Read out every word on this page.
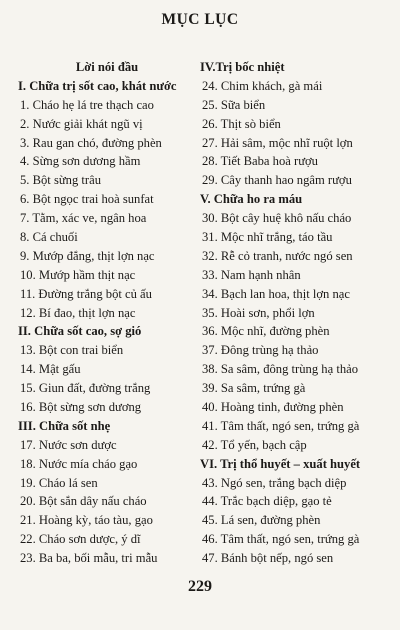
MỤC LỤC
Lời nói đầu
I. Chữa trị sốt cao, khát nước
1. Cháo hẹ lá tre thạch cao
2. Nước giải khát ngũ vị
3. Rau gan chó, đường phèn
4. Sừng sơn dương hầm
5. Bột sừng trâu
6. Bột ngọc trai hoà sunfat
7. Tằm, xác ve, ngân hoa
8. Cá chuối
9. Mướp đắng, thịt lợn nạc
10. Mướp hầm thịt nạc
11. Đường trắng bột củ ấu
12. Bí đao, thịt lợn nạc
II. Chữa sốt cao, sợ gió
13. Bột con trai biển
14. Mật gấu
15. Giun đất, đường trắng
16. Bột sừng sơn dương
III. Chữa sốt nhẹ
17. Nước sơn dược
18. Nước mía cháo gạo
19. Cháo lá sen
20. Bột sắn dây nấu cháo
21. Hoàng kỳ, táo tàu, gạo
22. Cháo sơn dược, ý dĩ
23. Ba ba, bối mẫu, tri mẫu
IV.Trị bốc nhiệt
24. Chim khách, gà mái
25. Sữa biển
26. Thịt sò biển
27. Hải sâm, mộc nhĩ ruột lợn
28. Tiết Baba hoà rượu
29. Cây thanh hao ngâm rượu
V. Chữa ho ra máu
30. Bột cây huệ khô nấu cháo
31. Mộc nhĩ trắng, táo tầu
32. Rễ cỏ tranh, nước ngó sen
33. Nam hạnh nhân
34. Bạch lan hoa, thịt lợn nạc
35. Hoài sơn, phổi lợn
36. Mộc nhĩ, đường phèn
37. Đông trùng hạ thảo
38. Sa sâm, đông trùng hạ thảo
39. Sa sâm, trứng gà
40. Hoàng tinh, đường phèn
41. Tâm thất, ngó sen, trứng gà
42. Tổ yến, bạch cập
VI. Trị thổ huyết – xuất huyết
43. Ngó sen, trắng bạch diệp
44. Trắc bạch diệp, gạo tẻ
45. Lá sen, đường phèn
46. Tâm thất, ngó sen, trứng gà
47. Bánh bột nếp, ngó sen
229
